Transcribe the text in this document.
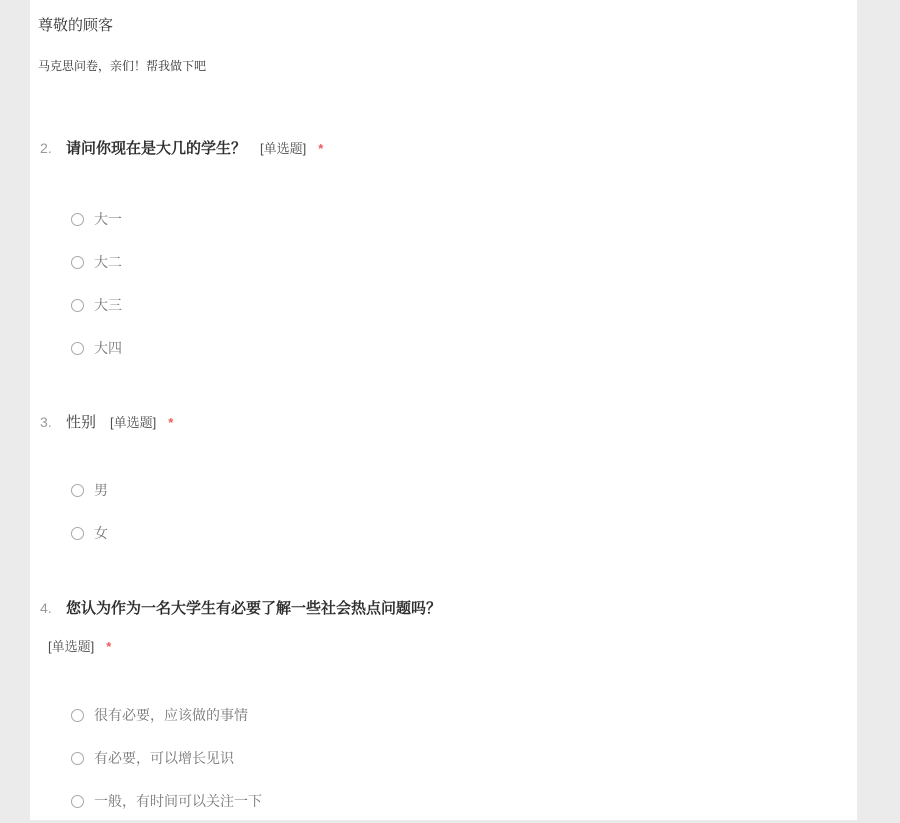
尊敬的顾客
马克思问卷，亲们！帮我做下吧
2. 请问你现在是大几的学生？ [单选题] *
大一
大二
大三
大四
3. 性别 [单选题] *
男
女
4. 您认为作为一名大学生有必要了解一些社会热点问题吗？
[单选题] *
很有必要，应该做的事情
有必要，可以增长见识
一般，有时间可以关注一下
